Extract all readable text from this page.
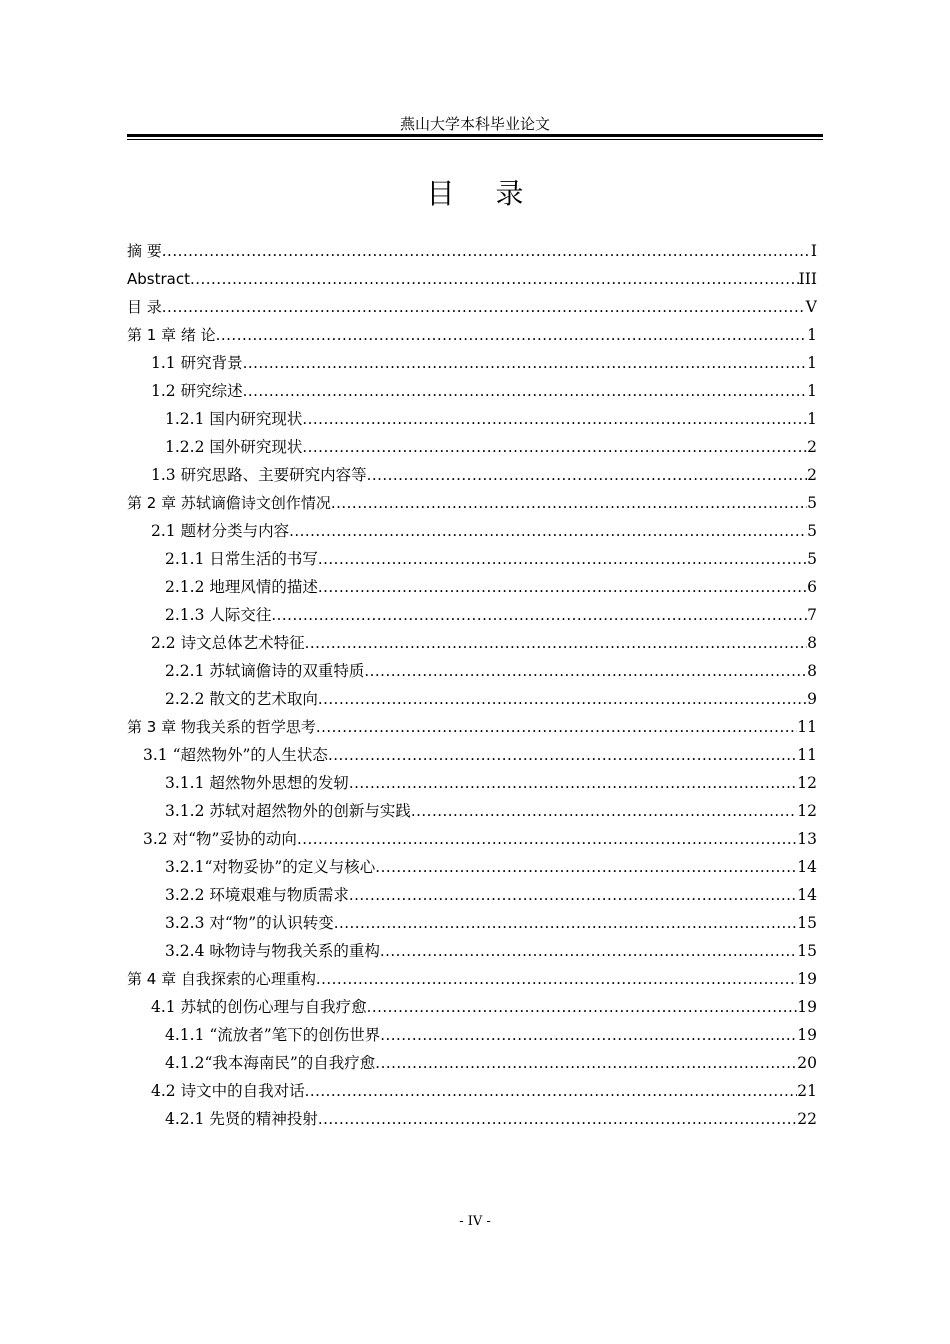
燕山大学本科毕业论文
目 录
摘 要 .....	I
Abstract .....	III
目 录 .....	V
第 1 章 绪 论 .....	1
1.1 研究背景 .....	1
1.2 研究综述 .....	1
1.2.1 国内研究现状 .....	1
1.2.2 国外研究现状 .....	2
1.3 研究思路、主要研究内容等 .....	2
第 2 章 苏轼谪儋诗文创作情况 .....	5
2.1 题材分类与内容 .....	5
2.1.1 日常生活的书写 .....	5
2.1.2 地理风情的描述 .....	6
2.1.3 人际交往 .....	7
2.2 诗文总体艺术特征 .....	8
2.2.1 苏轼谪儋诗的双重特质 .....	8
2.2.2 散文的艺术取向 .....	9
第 3 章 物我关系的哲学思考 .....	11
3.1 “超然物外”的人生状态 .....	11
3.1.1 超然物外思想的发轫 .....	12
3.1.2 苏轼对超然物外的创新与实践 .....	12
3.2 对“物”妥协的动向 .....	13
3.2.1“对物妥协”的定义与核心 .....	14
3.2.2 环境艰难与物质需求 .....	14
3.2.3 对“物”的认识转变 .....	15
3.2.4 咏物诗与物我关系的重构 .....	15
第 4 章 自我探索的心理重构 .....	19
4.1 苏轼的创伤心理与自我疗愈 .....	19
4.1.1 “流放者”笔下的创伤世界 .....	19
4.1.2“我本海南民”的自我疗愈 .....	20
4.2 诗文中的自我对话 .....	21
4.2.1 先贤的精神投射 .....	22
- IV -
